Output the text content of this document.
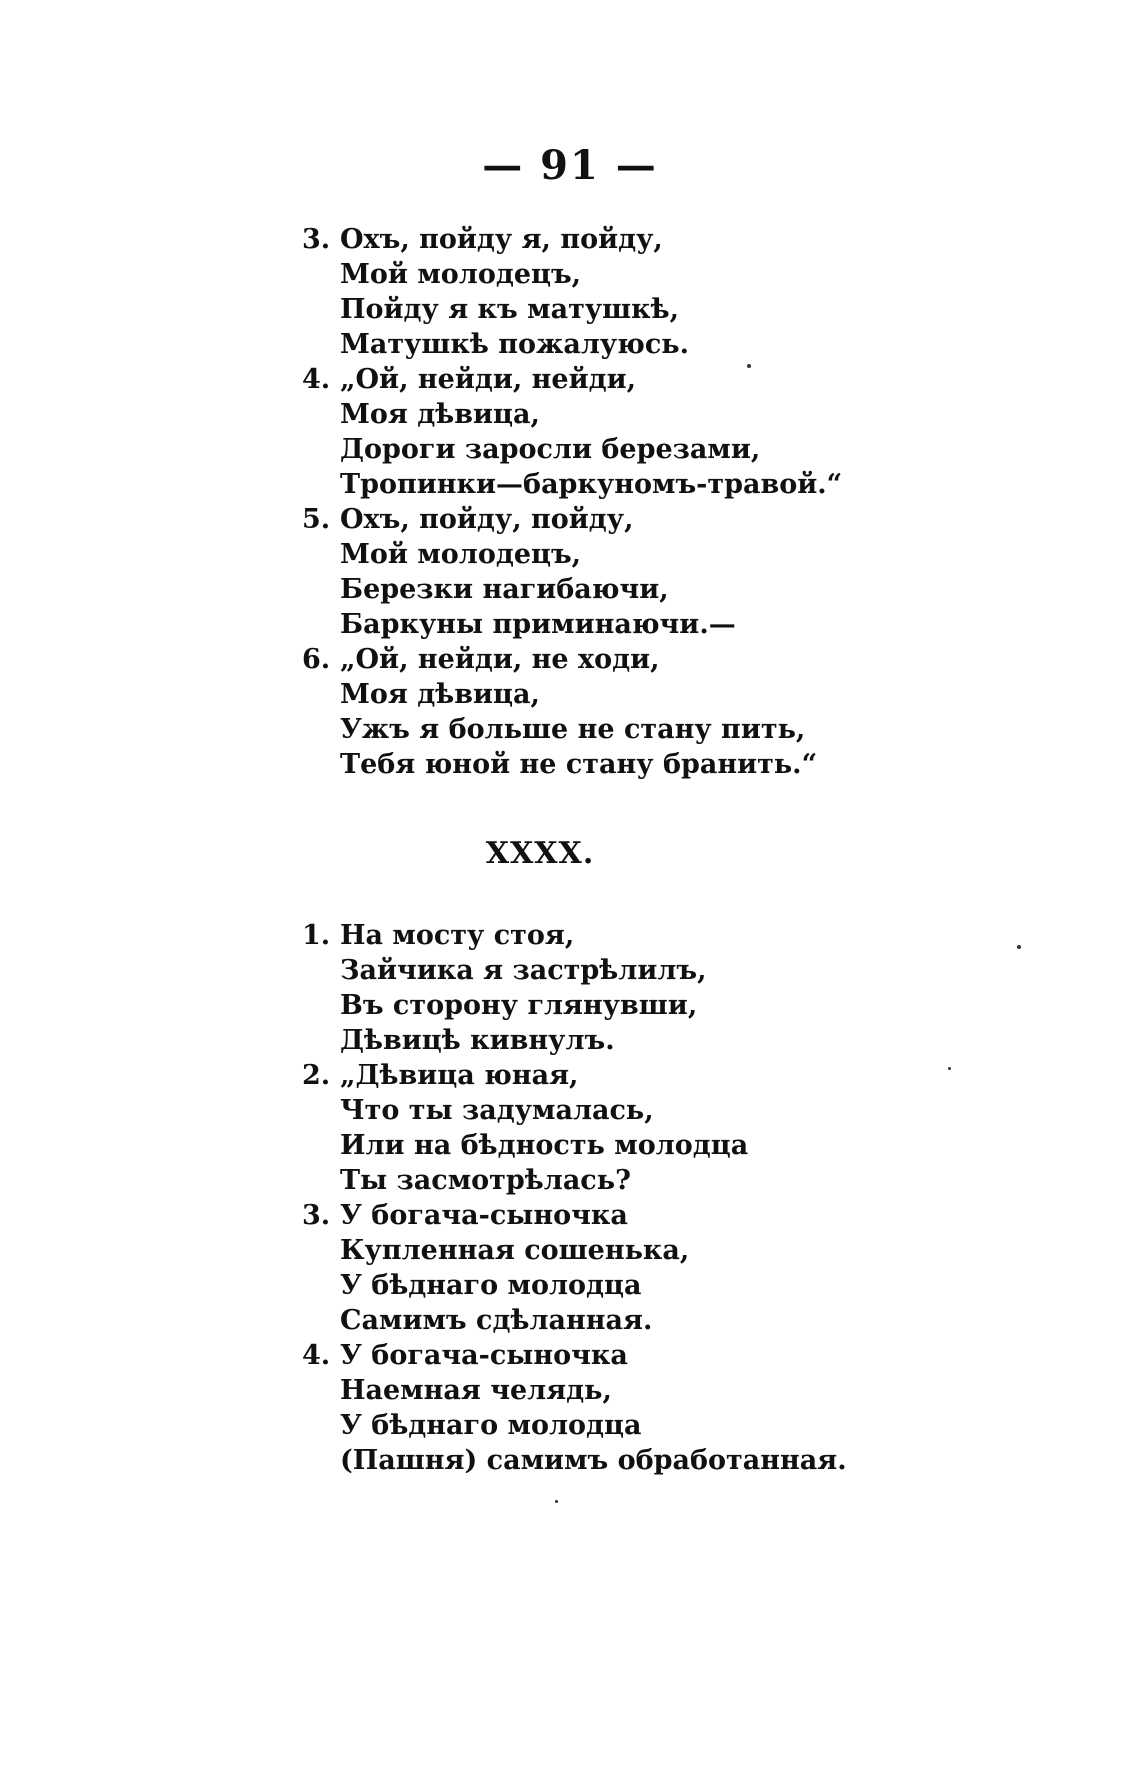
— 91 —
3. Охъ, пойду я, пойду,
Мой молодецъ,
Пойду я къ матушкѣ,
Матушкѣ пожалуюсь.
4. „Ой, нейди, нейди,
Моя дѣвица,
Дороги заросли березами,
Тропинки—баркуномъ-травой.“
5. Охъ, пойду, пойду,
Мой молодецъ,
Березки нагибаючи,
Баркуны приминаючи.—
6. „Ой, нейди, не ходи,
Моя дѣвица,
Ужъ я больше не стану пить,
Тебя юной не стану бранить.“
XXXX.
1. На мосту стоя,
Зайчика я застрѣлилъ,
Въ сторону глянувши,
Дѣвицѣ кивнулъ.
2. „Дѣвица юная,
Что ты задумалась,
Или на бѣдность молодца
Ты засмотрѣлась?
3. У богача-сыночка
Купленная сошенька,
У бѣднаго молодца
Самимъ сдѣланная.
4. У богача-сыночка
Наемная челядь,
У бѣднаго молодца
(Пашня) самимъ обработанная.
